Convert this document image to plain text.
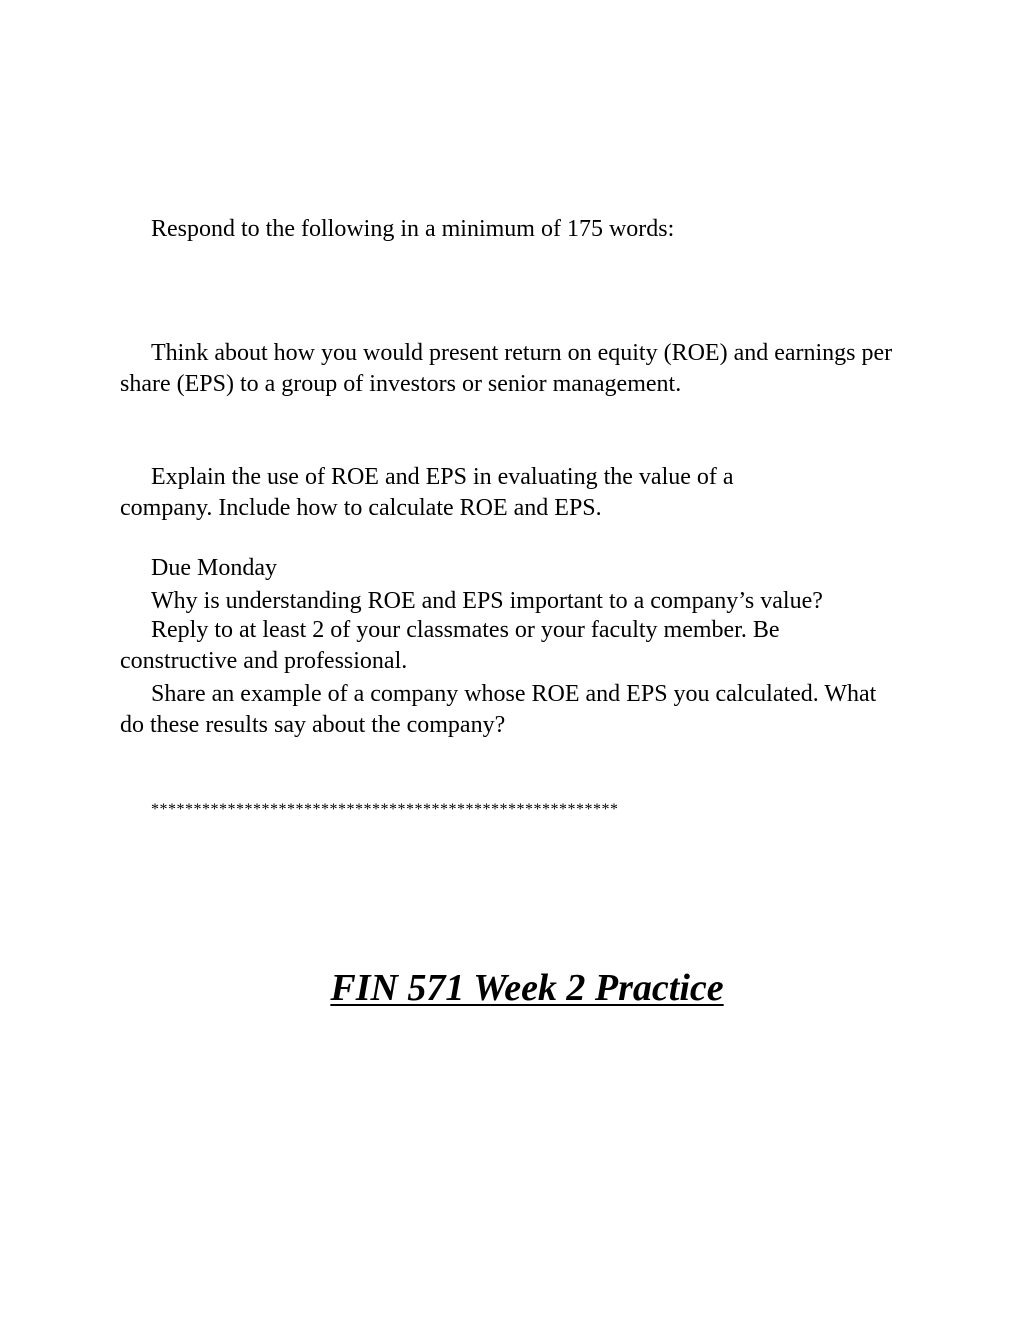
Respond to the following in a minimum of 175 words:

Think about how you would present return on equity (ROE) and earnings per share (EPS) to a group of investors or senior management.

Explain the use of ROE and EPS in evaluating the value of a company. Include how to calculate ROE and EPS.

Why is understanding ROE and EPS important to a company’s value?

Share an example of a company whose ROE and EPS you calculated. What do these results say about the company?

Due Monday

Reply to at least 2 of your classmates or your faculty member. Be constructive and professional.

*******************************************************
FIN 571 Week 2 Practice
